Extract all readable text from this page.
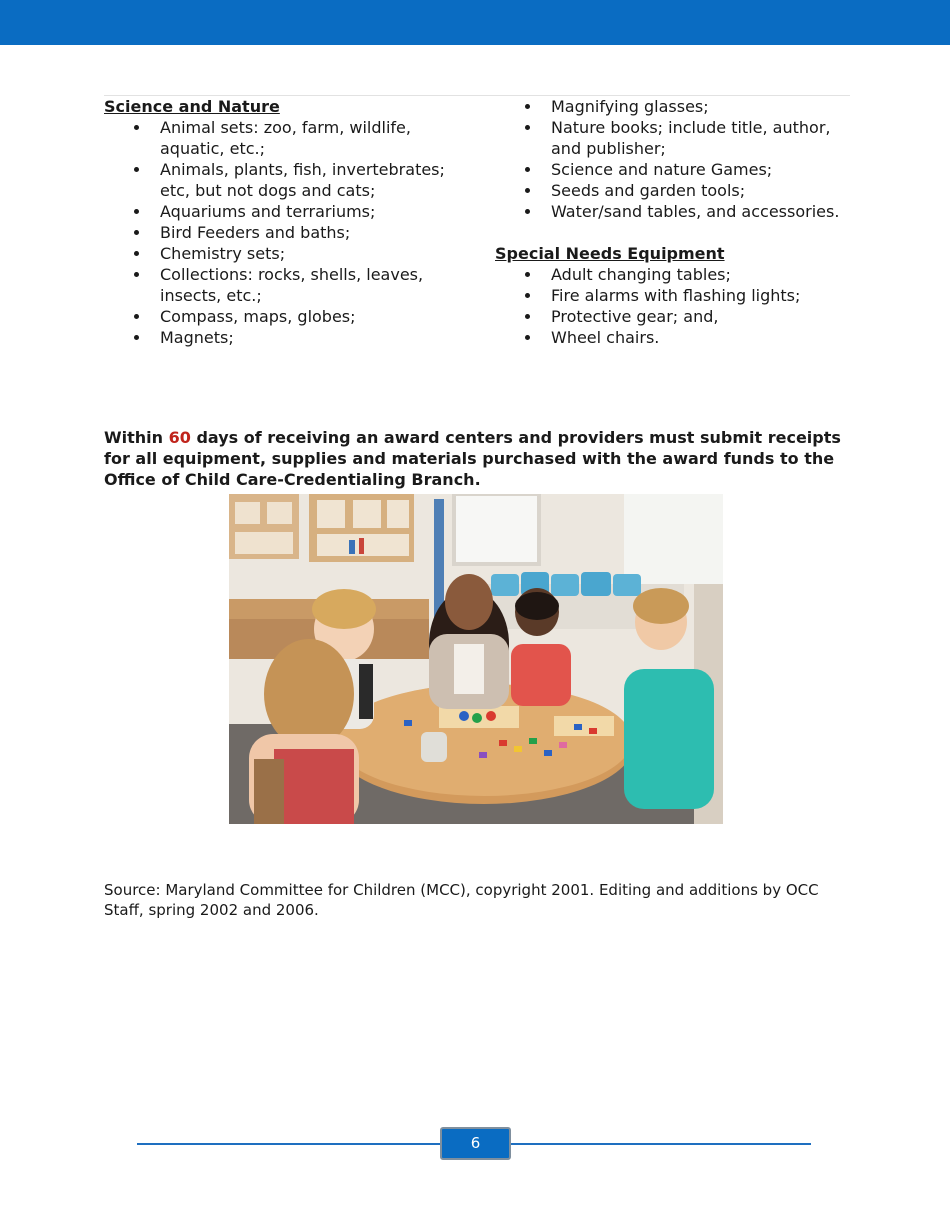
Science and Nature

Animal sets: zoo, farm, wildlife, aquatic, etc.;
Animals, plants, fish, invertebrates; etc, but not dogs and cats;
Aquariums and terrariums;
Bird Feeders and baths;
Chemistry sets;
Collections: rocks, shells, leaves, insects, etc.;
Compass, maps, globes;
Magnets;
Magnifying glasses;
Nature books; include title, author, and publisher;
Science and nature Games;
Seeds and garden tools;
Water/sand tables, and accessories.

Special Needs Equipment

Adult changing tables;
Fire alarms with flashing lights;
Protective gear; and,
Wheel chairs.

Within 60 days of receiving an award centers and providers must submit receipts for all equipment, supplies and materials purchased with the award funds to the Office of Child Care-Credentialing Branch.

Source: Maryland Committee for Children (MCC), copyright 2001. Editing and additions by OCC Staff, spring 2002 and 2006.

6
